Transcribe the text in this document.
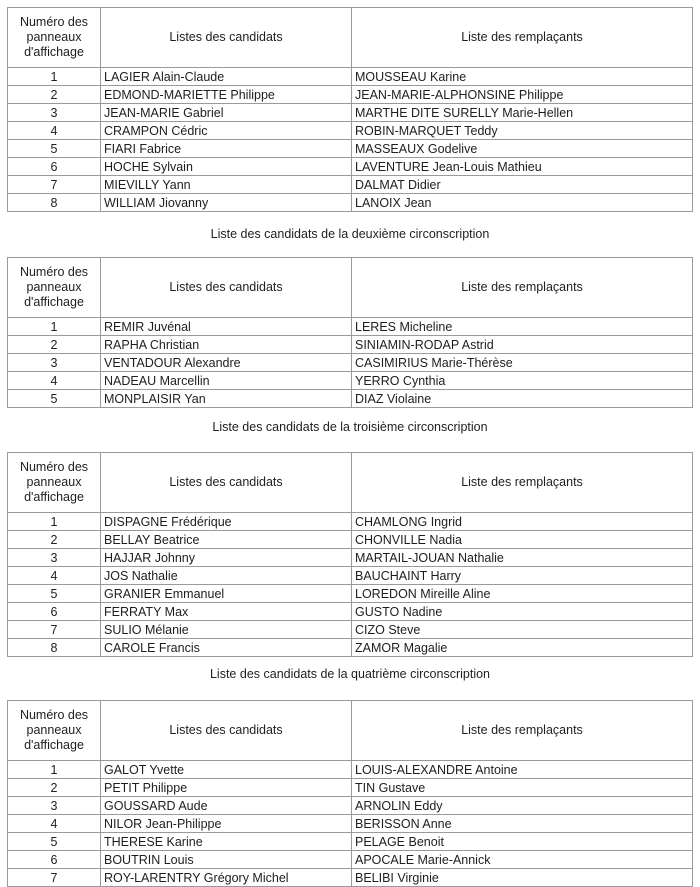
Numéro des panneaux d'affichage	Listes des candidats	Liste des remplaçants
1	LAGIER Alain-Claude	MOUSSEAU Karine
2	EDMOND-MARIETTE Philippe	JEAN-MARIE-ALPHONSINE Philippe
3	JEAN-MARIE Gabriel	MARTHE DITE SURELLY Marie-Hellen
4	CRAMPON Cédric	ROBIN-MARQUET Teddy
5	FIARI Fabrice	MASSEAUX Godelive
6	HOCHE Sylvain	LAVENTURE Jean-Louis Mathieu
7	MIEVILLY Yann	DALMAT Didier
8	WILLIAM Jiovanny	LANOIX Jean
Liste des candidats de la deuxième circonscription
Numéro des panneaux d'affichage	Listes des candidats	Liste des remplaçants
1	REMIR Juvénal	LERES Micheline
2	RAPHA Christian	SINIAMIN-RODAP Astrid
3	VENTADOUR Alexandre	CASIMIRIUS Marie-Thérèse
4	NADEAU Marcellin	YERRO Cynthia
5	MONPLAISIR Yan	DIAZ Violaine
Liste des candidats de la troisième circonscription
Numéro des panneaux d'affichage	Listes des candidats	Liste des remplaçants
1	DISPAGNE Frédérique	CHAMLONG Ingrid
2	BELLAY Beatrice	CHONVILLE Nadia
3	HAJJAR Johnny	MARTAIL-JOUAN Nathalie
4	JOS Nathalie	BAUCHAINT Harry
5	GRANIER Emmanuel	LOREDON Mireille Aline
6	FERRATY Max	GUSTO Nadine
7	SULIO Mélanie	CIZO Steve
8	CAROLE Francis	ZAMOR Magalie
Liste des candidats de la quatrième circonscription
Numéro des panneaux d'affichage	Listes des candidats	Liste des remplaçants
1	GALOT Yvette	LOUIS-ALEXANDRE Antoine
2	PETIT Philippe	TIN Gustave
3	GOUSSARD Aude	ARNOLIN Eddy
4	NILOR Jean-Philippe	BERISSON Anne
5	THERESE Karine	PELAGE Benoit
6	BOUTRIN Louis	APOCALE Marie-Annick
7	ROY-LARENTRY Grégory Michel	BELIBI Virginie
